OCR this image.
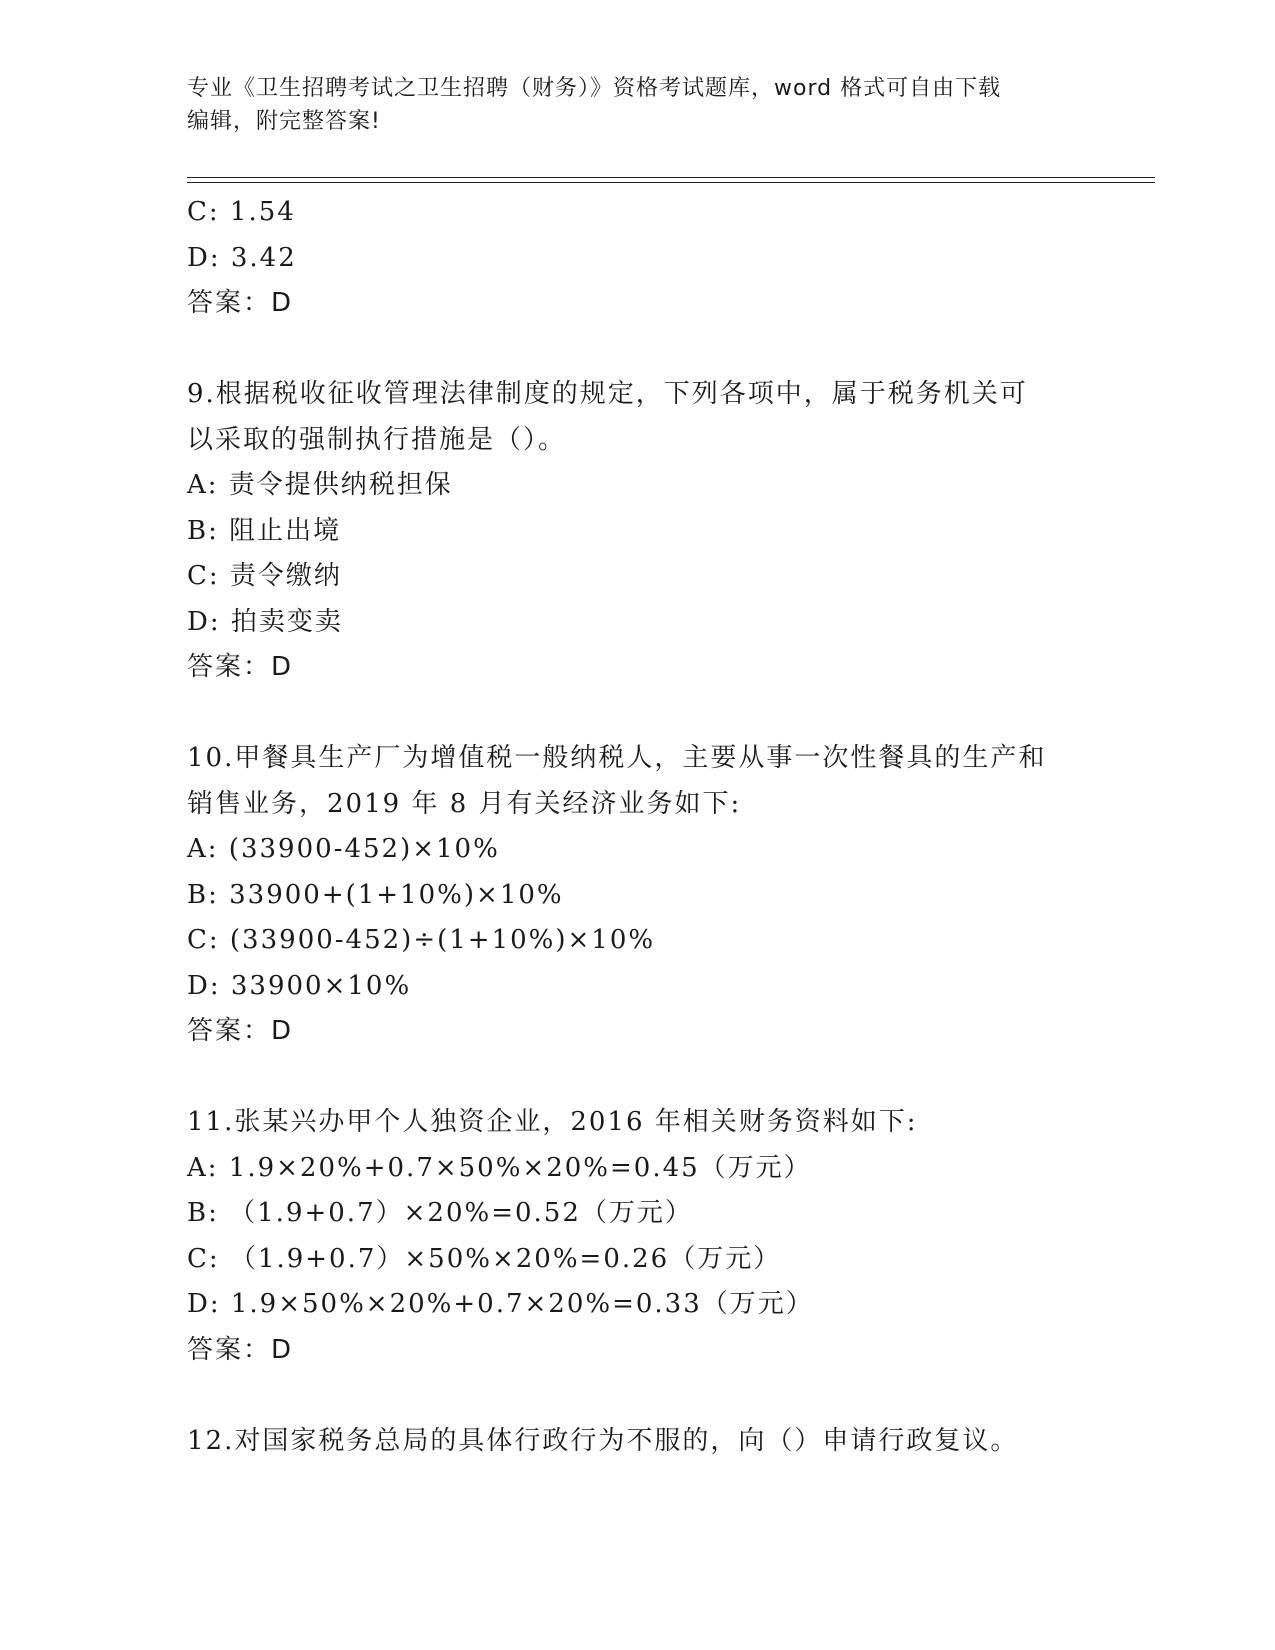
专业《卫生招聘考试之卫生招聘（财务）》资格考试题库，word 格式可自由下载
编辑，附完整答案!
C: 1.54
D: 3.42
答案：D
9.根据税收征收管理法律制度的规定，下列各项中，属于税务机关可
以采取的强制执行措施是（）。
A: 责令提供纳税担保
B: 阻止出境
C: 责令缴纳
D: 拍卖变卖
答案：D
10.甲餐具生产厂为增值税一般纳税人，主要从事一次性餐具的生产和
销售业务，2019 年 8 月有关经济业务如下:
A: (33900-452)×10%
B: 33900+(1+10%)×10%
C: (33900-452)÷(1+10%)×10%
D: 33900×10%
答案：D
11.张某兴办甲个人独资企业，2016 年相关财务资料如下:
A: 1.9×20%+0.7×50%×20%=0.45（万元）
B: （1.9+0.7）×20%=0.52（万元）
C: （1.9+0.7）×50%×20%=0.26（万元）
D: 1.9×50%×20%+0.7×20%=0.33（万元）
答案：D
12.对国家税务总局的具体行政行为不服的，向（）申请行政复议。
